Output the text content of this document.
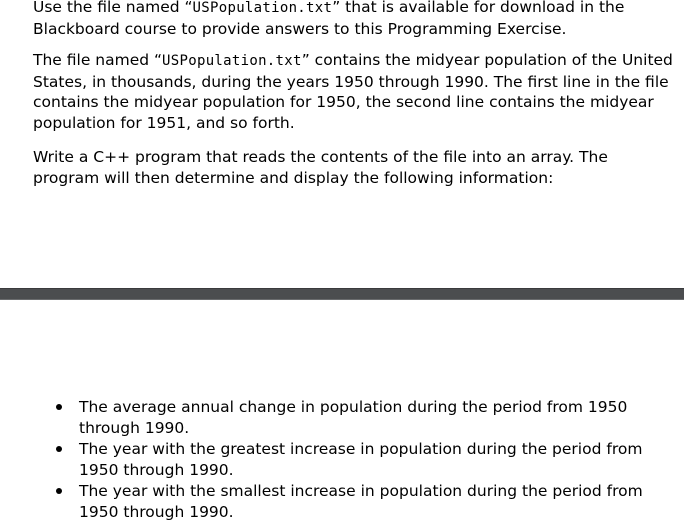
Use the file named “USPopulation.txt” that is available for download in the Blackboard course to provide answers to this Programming Exercise.

The file named “USPopulation.txt” contains the midyear population of the United States, in thousands, during the years 1950 through 1990. The first line in the file contains the midyear population for 1950, the second line contains the midyear population for 1951, and so forth.

Write a C++ program that reads the contents of the file into an array. The program will then determine and display the following information:

The average annual change in population during the period from 1950 through 1990.
The year with the greatest increase in population during the period from 1950 through 1990.
The year with the smallest increase in population during the period from 1950 through 1990.
